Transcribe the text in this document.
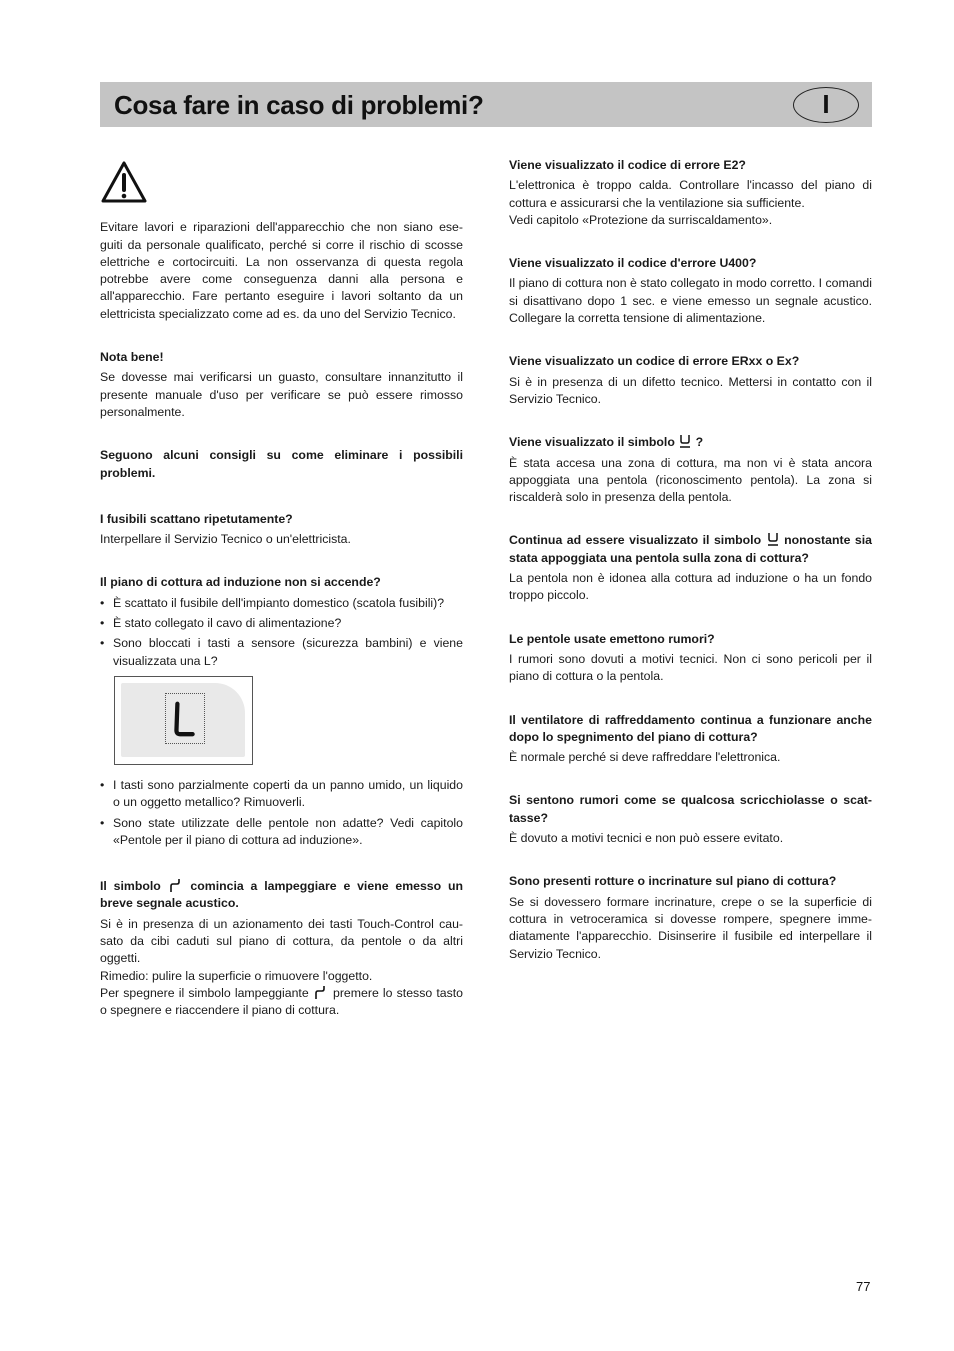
Cosa fare in caso di problemi?	I

Evitare lavori e riparazioni dell'apparecchio che non siano ese-guiti da personale qualificato, perché si corre il rischio di scosse elettriche e cortocircuiti. La non osservanza di questa regola potrebbe avere come conseguenza danni alla persona e all'apparecchio. Fare pertanto eseguire i lavori soltanto da un elettricista specializzato come ad es. da uno del Servizio Tecnico.

Nota bene!

Se dovesse mai verificarsi un guasto, consultare innanzitutto il presente manuale d'uso per verificare se può essere rimosso personalmente.

Seguono alcuni consigli su come eliminare i possibili problemi.

I fusibili scattano ripetutamente?

Interpellare il Servizio Tecnico o un'elettricista.

Il piano di cottura ad induzione non si accende?

• È scattato il fusibile dell'impianto domestico (scatola fusibili)?
• È stato collegato il cavo di alimentazione?
• Sono bloccati i tasti a sensore (sicurezza bambini) e viene visualizzata una L?
• I tasti sono parzialmente coperti da un panno umido, un liquido o un oggetto metallico? Rimuoverli.
• Sono state utilizzate delle pentole non adatte? Vedi capitolo «Pentole per il piano di cottura ad induzione».

Il simbolo comincia a lampeggiare e viene emesso un breve segnale acustico.

Si è in presenza di un azionamento dei tasti Touch-Control cau-sato da cibi caduti sul piano di cottura, da pentole o da altri oggetti.

Rimedio: pulire la superficie o rimuovere l'oggetto.

Per spegnere il simbolo lampeggiante premere lo stesso tasto o spegnere e riaccendere il piano di cottura.

Viene visualizzato il codice di errore E2?

L'elettronica è troppo calda. Controllare l'incasso del piano di cottura e assicurarsi che la ventilazione sia sufficiente.

Vedi capitolo «Protezione da surriscaldamento».

Viene visualizzato il codice d'errore U400?

Il piano di cottura non è stato collegato in modo corretto. I comandi si disattivano dopo 1 sec. e viene emesso un segnale acustico. Collegare la corretta tensione di alimentazione.

Viene visualizzato un codice di errore ERxx o Ex?

Si è in presenza di un difetto tecnico. Mettersi in contatto con il Servizio Tecnico.

Viene visualizzato il simbolo ?

È stata accesa una zona di cottura, ma non vi è stata ancora appoggiata una pentola (riconoscimento pentola). La zona si riscalderà solo in presenza della pentola.

Continua ad essere visualizzato il simbolo nonostante sia stata appoggiata una pentola sulla zona di cottura?

La pentola non è idonea alla cottura ad induzione o ha un fondo troppo piccolo.

Le pentole usate emettono rumori?

I rumori sono dovuti a motivi tecnici. Non ci sono pericoli per il piano di cottura o la pentola.

Il ventilatore di raffreddamento continua a funzionare anche dopo lo spegnimento del piano di cottura?

È normale perché si deve raffreddare l'elettronica.

Si sentono rumori come se qualcosa scricchiolasse o scat-tasse?

È dovuto a motivi tecnici e non può essere evitato.

Sono presenti rotture o incrinature sul piano di cottura?

Se si dovessero formare incrinature, crepe o se la superficie di cottura in vetroceramica si dovesse rompere, spegnere imme-diatamente l'apparecchio. Disinserire il fusibile ed interpellare il Servizio Tecnico.

77
